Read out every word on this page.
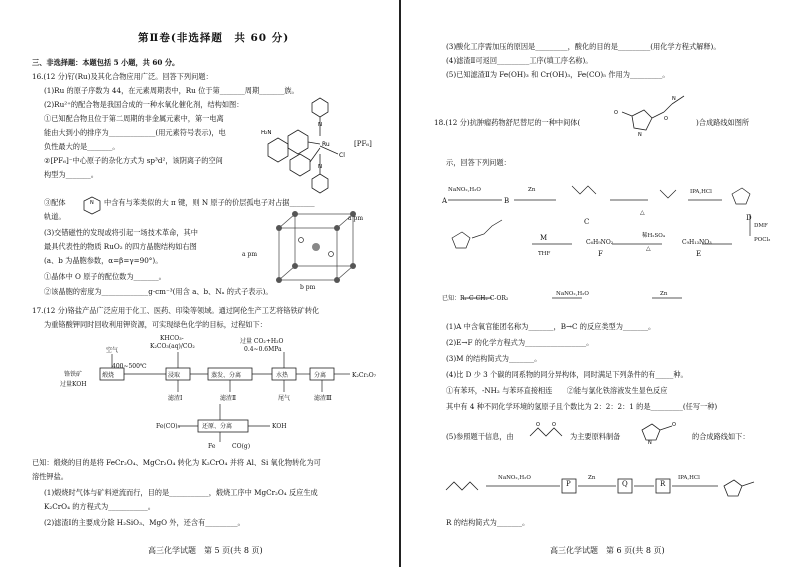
第Ⅱ卷(非选择题　共 60 分)
三、非选择题：本题包括 5 小题，共 60 分。
16.(12 分)钌(Ru)及其化合物应用广泛。回答下列问题：
(1)Ru 的原子序数为 44，在元素周期表中，Ru 位于第_______周期_______族。
(2)Ru²⁺的配合物是我国合成的一种水氧化催化剂，结构如图：
①已知配合物且位于第二周期的非金属元素中，第一电离
能由大到小的排序为_____________(用元素符号表示)，电
负性最大的是_______。
②[PF₆]⁻中心原子的杂化方式为 sp³d²，该阴离子的空间
构型为_______。
Ru
Cl
H₂N
N
N
[PF₆]
③配体	N 中含有与苯类似的大 π 键，则 N 原子的价层孤电子对占据_______
轨道。
(3)交错磁性的发现或将引起一场技术革命，其中
最具代表性的物质 RuO₂ 的四方晶胞结构如右图
(a、b 为晶胞参数，α=β=γ=90°)。
①晶体中 O 原子的配位数为_______。
②该晶胞的密度为_____________g·cm⁻³(用含 a、b、Nₐ 的式子表示)。
a pm
a pm
b pm
17.(12 分)铬盐产品广泛应用于化工、医药、印染等领域。通过阿伦生产工艺将铬铁矿转化
为重铬酸钾同时回收利用钾资源，可实现绿色化学的目标，过程如下：
KHCO₃-
K₂CO₃(aq)/CO₂
空气
400~500℃
过量 CO₂+H₂O
0.4~0.6MPa
铬铁矿
过量KOH
煅烧	浸取	蒸发、分离	水热	分离	K₂Cr₂O₇
滤渣Ⅰ	滤渣Ⅱ	尾气	滤渣Ⅲ
Fe(CO)₅	还原、分离	KOH
Fe	CO(g)
已知：煅烧的目的是将 FeCr₂O₄、MgCr₂O₄ 转化为 K₂CrO₄ 并将 Al、Si 氧化物转化为可
溶性钾盐。
(1)煅烧时气体与矿料逆流而行，目的是___________，煅烧工序中 MgCr₂O₄ 反应生成
K₂CrO₄ 的方程式为___________。
(2)滤渣Ⅰ的主要成分除 H₂SiO₃、MgO 外，还含有_________。
高三化学试题　第 5 页(共 8 页)
(3)酸化工序需加压的原因是_________，酸化的目的是_________(用化学方程式解释)。
(4)滤渣Ⅱ可返回_________工序(填工序名称)。
(5)已知滤渣Ⅱ为 Fe(OH)₃ 和 Cr(OH)₃，Fe(CO)₅ 作用为_________。
18.(12 分)抗肿瘤药物舒尼替尼的一种中间体(
N
O
O
N
)合成路线如图所
示，回答下列问题：
A
NaNO₂,H₂O
B
Zn
C
△
IPA,HCl
D
DMF
POCl₃
C₉H₁₃NO₃
E
稀H₂SO₄
△
C₆H₉NO₂
F
M
THF
已知：R₁-C-CH₂-C-OR₂
NaNO₂,H₂O	Zn
(1)A 中含氧官能团名称为_______，B→C 的反应类型为_______。
(2)E→F 的化学方程式为_________________。
(3)M 的结构简式为_______。
(4)比 D 少 3 个碳的同系物的同分异构体，同时满足下列条件的有_____种。
①有苯环，-NH₂ 与苯环直接相连　　②能与氯化铁溶液发生显色反应
其中有 4 种不同化学环境的氢原子且个数比为 2：2：2：1 的是_________(任写一种)
(5)参照题干信息，由
O O
为主要原料制备
N
O
的合成路线如下：
NaNO₂,H₂O
P
Zn
Q	R
IPA,HCl
R 的结构简式为_______。
高三化学试题　第 6 页(共 8 页)
